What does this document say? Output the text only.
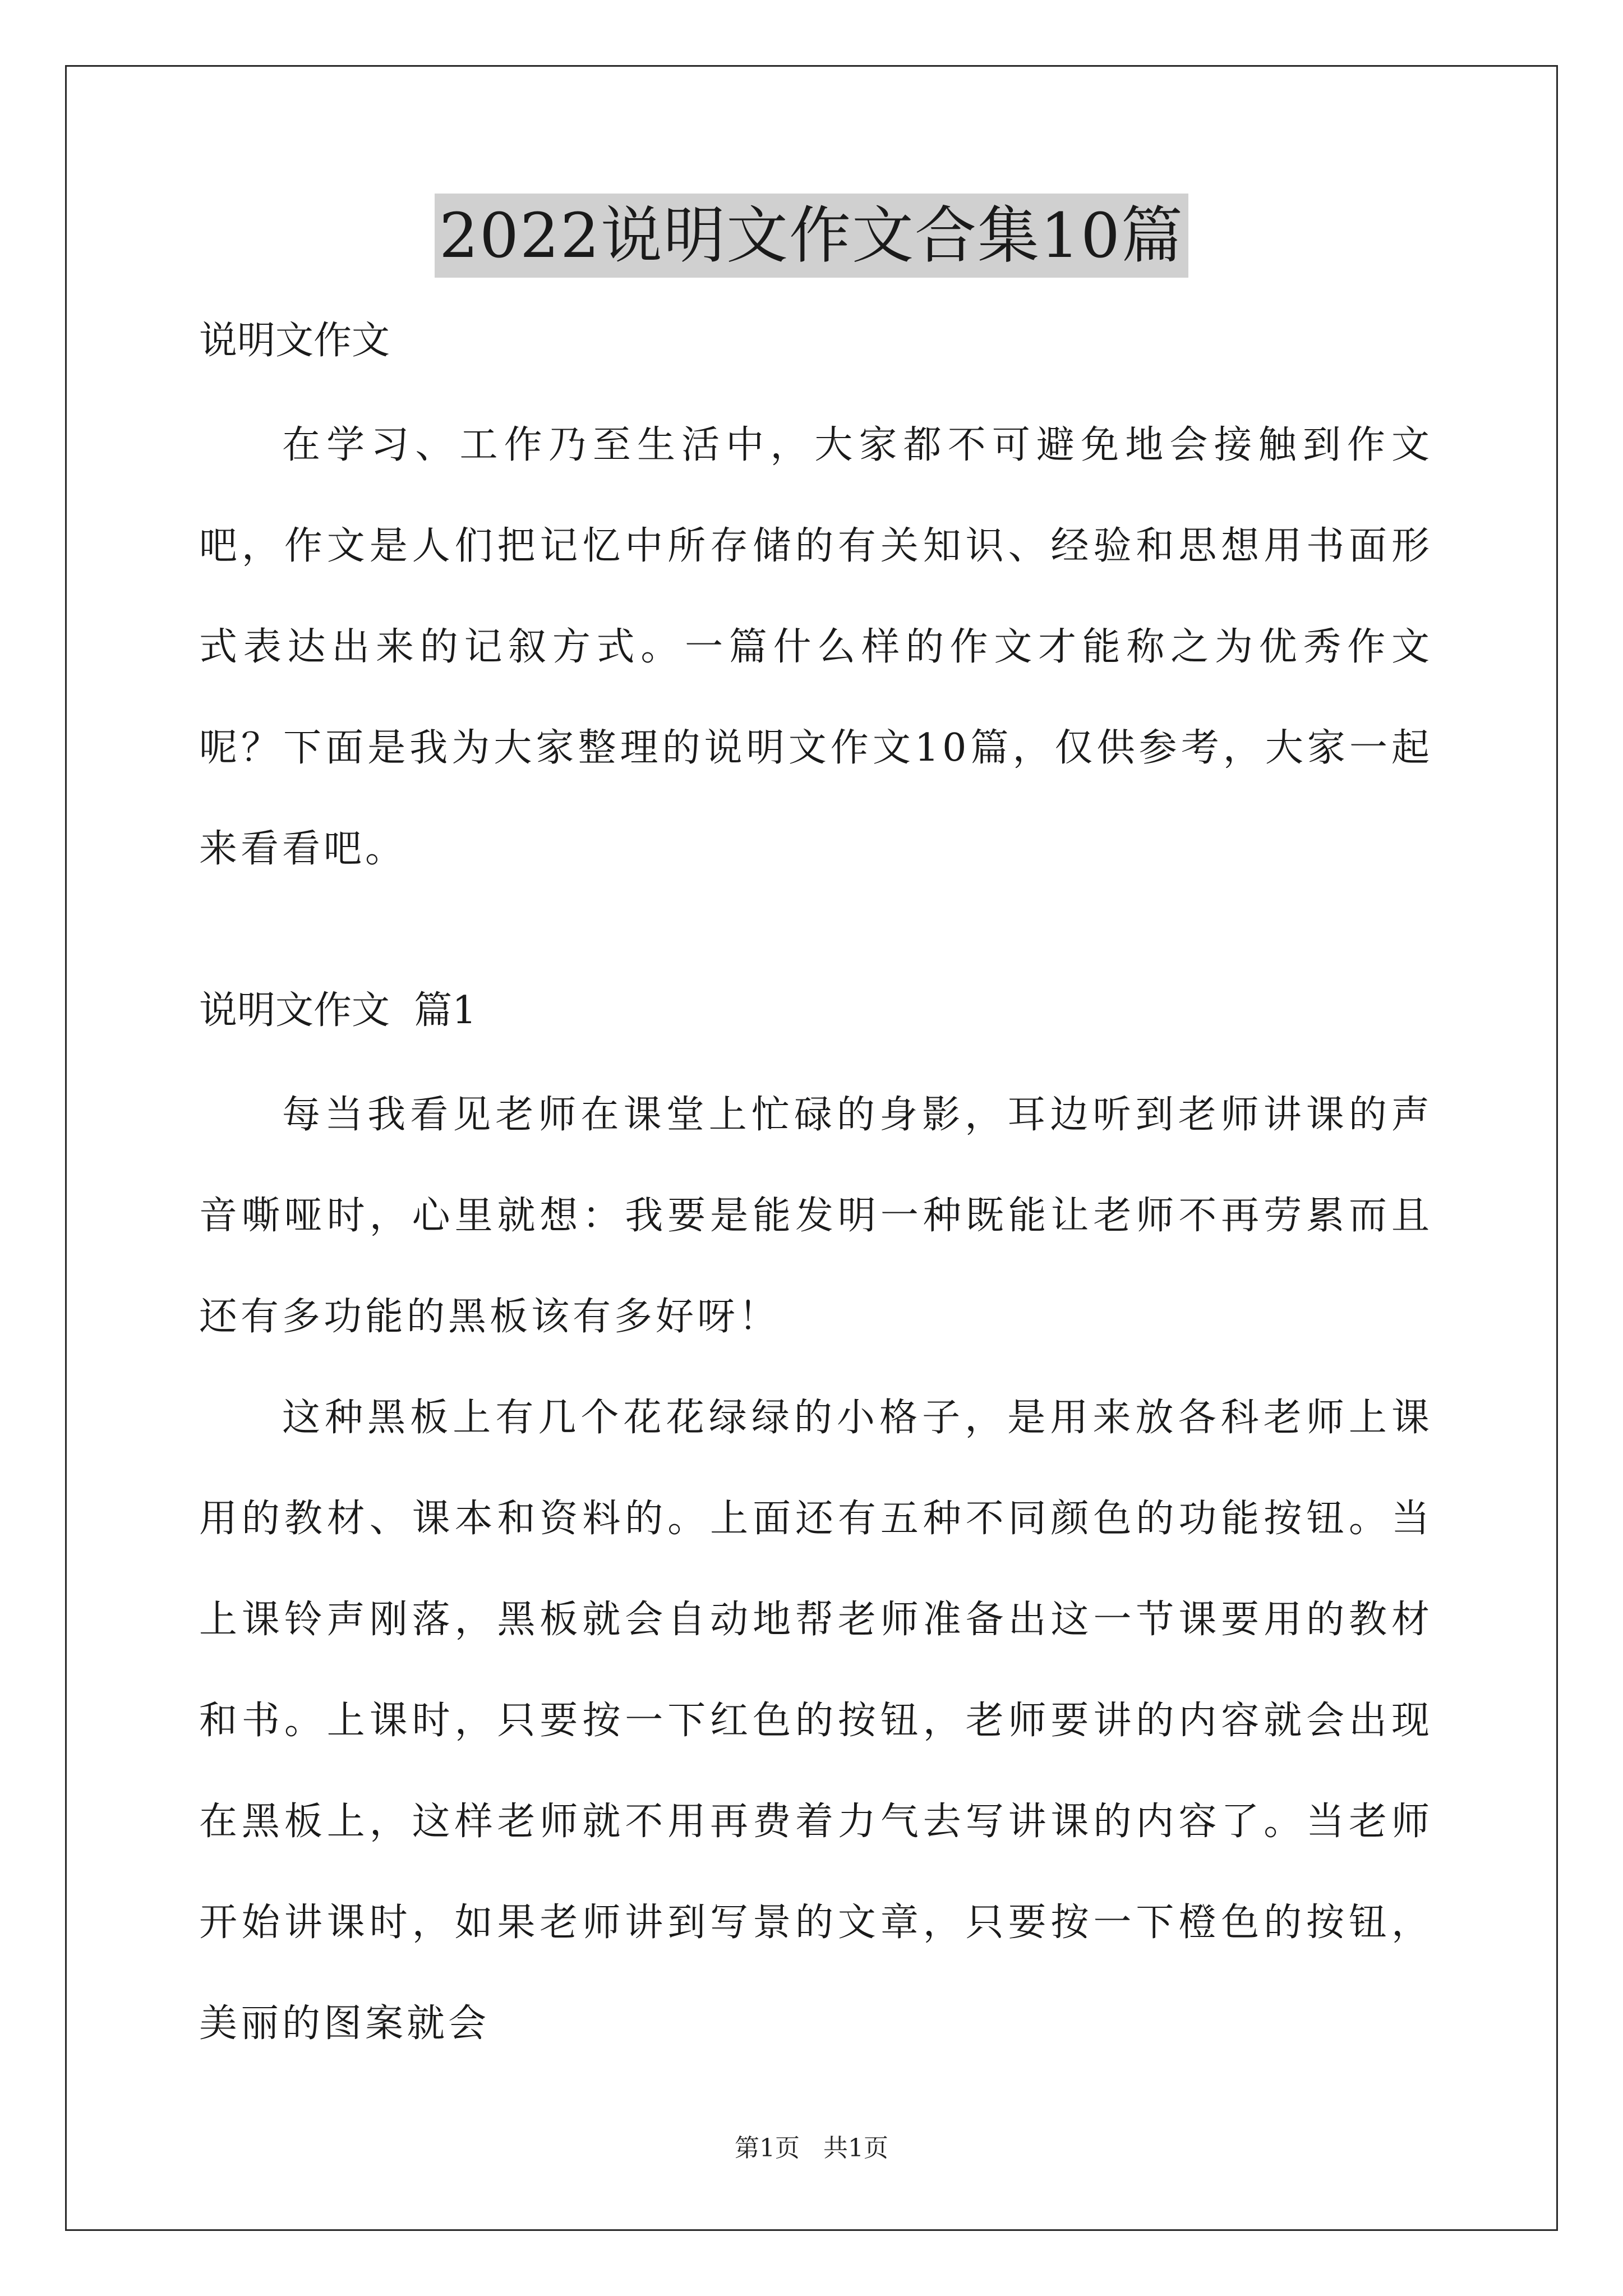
2022说明文作文合集10篇

说明文作文

在学习、工作乃至生活中，大家都不可避免地会接触到作文吧，作文是人们把记忆中所存储的有关知识、经验和思想用书面形式表达出来的记叙方式。一篇什么样的作文才能称之为优秀作文呢？下面是我为大家整理的说明文作文10篇，仅供参考，大家一起来看看吧。

说明文作文  篇1

每当我看见老师在课堂上忙碌的身影，耳边听到老师讲课的声音嘶哑时，心里就想：我要是能发明一种既能让老师不再劳累而且还有多功能的黑板该有多好呀！

这种黑板上有几个花花绿绿的小格子，是用来放各科老师上课用的教材、课本和资料的。上面还有五种不同颜色的功能按钮。当上课铃声刚落，黑板就会自动地帮老师准备出这一节课要用的教材和书。上课时，只要按一下红色的按钮，老师要讲的内容就会出现在黑板上，这样老师就不用再费着力气去写讲课的内容了。当老师开始讲课时，如果老师讲到写景的文章，只要按一下橙色的按钮，美丽的图案就会

第1页   共1页
